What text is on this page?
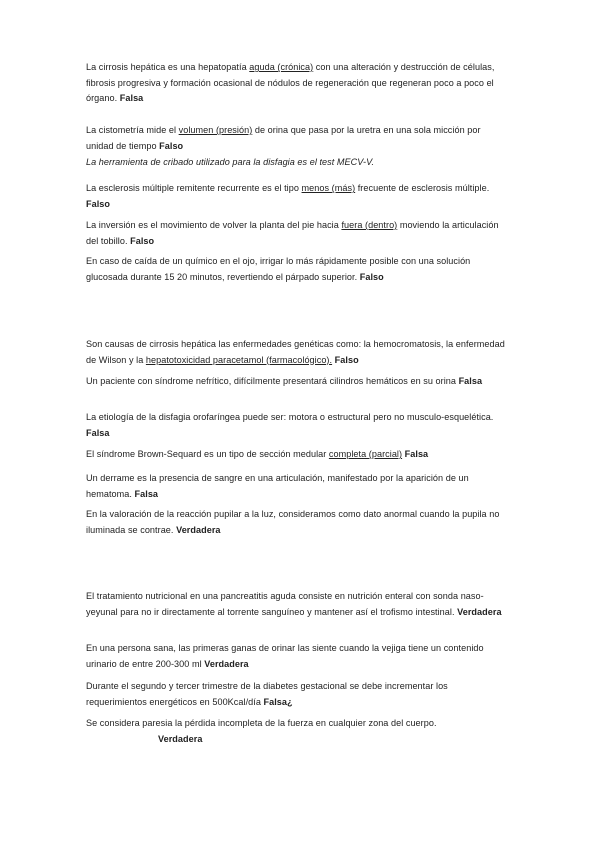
La cirrosis hepática es una hepatopatía aguda (crónica) con una alteración y destrucción de células, fibrosis progresiva y formación ocasional de nódulos de regeneración que regeneran poco a poco el órgano. Falsa

La cistometría mide el volumen (presión) de orina que pasa por la uretra en una sola micción por unidad de tiempo Falso

La herramienta de cribado utilizado para la disfagia es el test MECV-V.

La esclerosis múltiple remitente recurrente es el tipo menos (más) frecuente de esclerosis múltiple. Falso

La inversión es el movimiento de volver la planta del pie hacia fuera (dentro) moviendo la articulación del tobillo. Falso

En caso de caída de un químico en el ojo, irrigar lo más rápidamente posible con una solución glucosada durante 15 20 minutos, revertiendo el párpado superior. Falso

Son causas de cirrosis hepática las enfermedades genéticas como: la hemocromatosis, la enfermedad de Wilson y la hepatotoxicidad paracetamol (farmacológico). Falso

Un paciente con síndrome nefrítico, difícilmente presentará cilindros hemáticos en su orina Falsa

La etiología de la disfagia orofaríngea puede ser: motora o estructural pero no musculo-esquelética. Falsa

El síndrome Brown-Sequard es un tipo de sección medular completa (parcial) Falsa

Un derrame es la presencia de sangre en una articulación, manifestado por la aparición de un hematoma. Falsa

En la valoración de la reacción pupilar a la luz, consideramos como dato anormal cuando la pupila no iluminada se contrae. Verdadera

El tratamiento nutricional en una pancreatitis aguda consiste en nutrición enteral con sonda naso-yeyunal para no ir directamente al torrente sanguíneo y mantener así el trofismo intestinal. Verdadera

En una persona sana, las primeras ganas de orinar las siente cuando la vejiga tiene un contenido urinario de entre 200-300 ml Verdadera

Durante el segundo y tercer trimestre de la diabetes gestacional se debe incrementar los requerimientos energéticos en 500Kcal/día Falsa¿

Se considera paresia la pérdida incompleta de la fuerza en cualquier zona del cuerpo.
Verdadera
